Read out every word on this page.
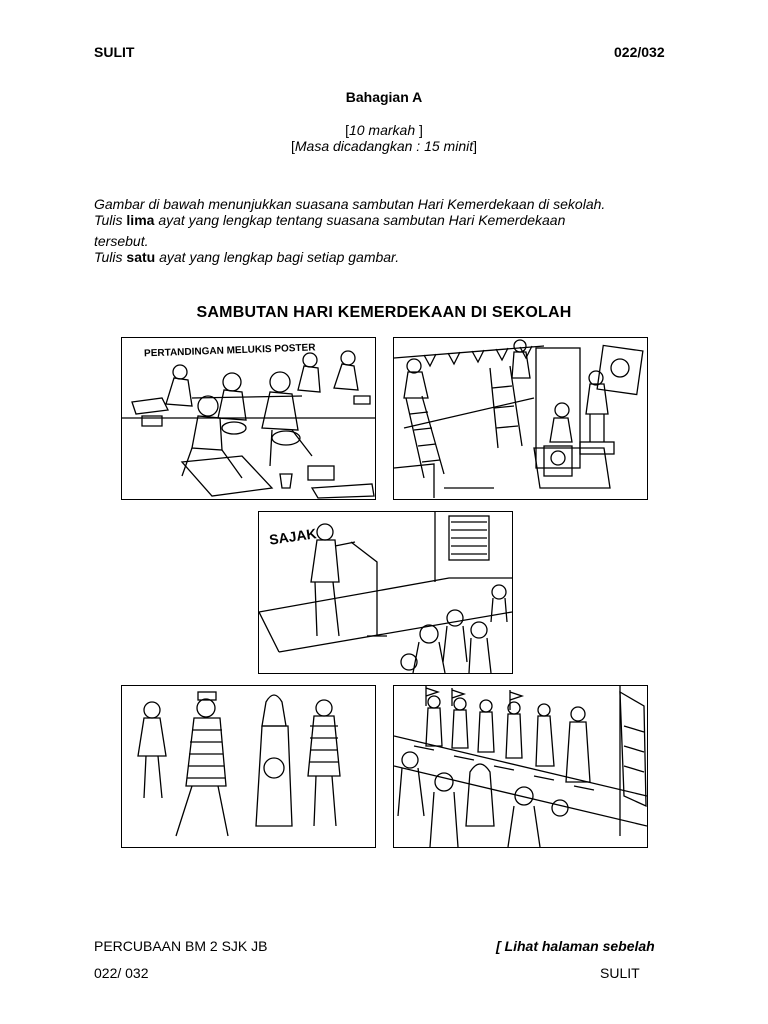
SULIT	022/032
Bahagian A
[10 markah ]
[Masa dicadangkan : 15 minit]
Gambar di bawah menunjukkan suasana sambutan Hari Kemerdekaan di sekolah.
Tulis lima ayat yang lengkap tentang suasana sambutan Hari Kemerdekaan
tersebut.
Tulis satu ayat yang lengkap bagi setiap gambar.
SAMBUTAN HARI KEMERDEKAAN DI SEKOLAH
PERTANDINGAN MELUKIS POSTER
SAJAK
PERCUBAAN BM 2 SJK JB	[ Lihat halaman sebelah
022/ 032	SULIT
